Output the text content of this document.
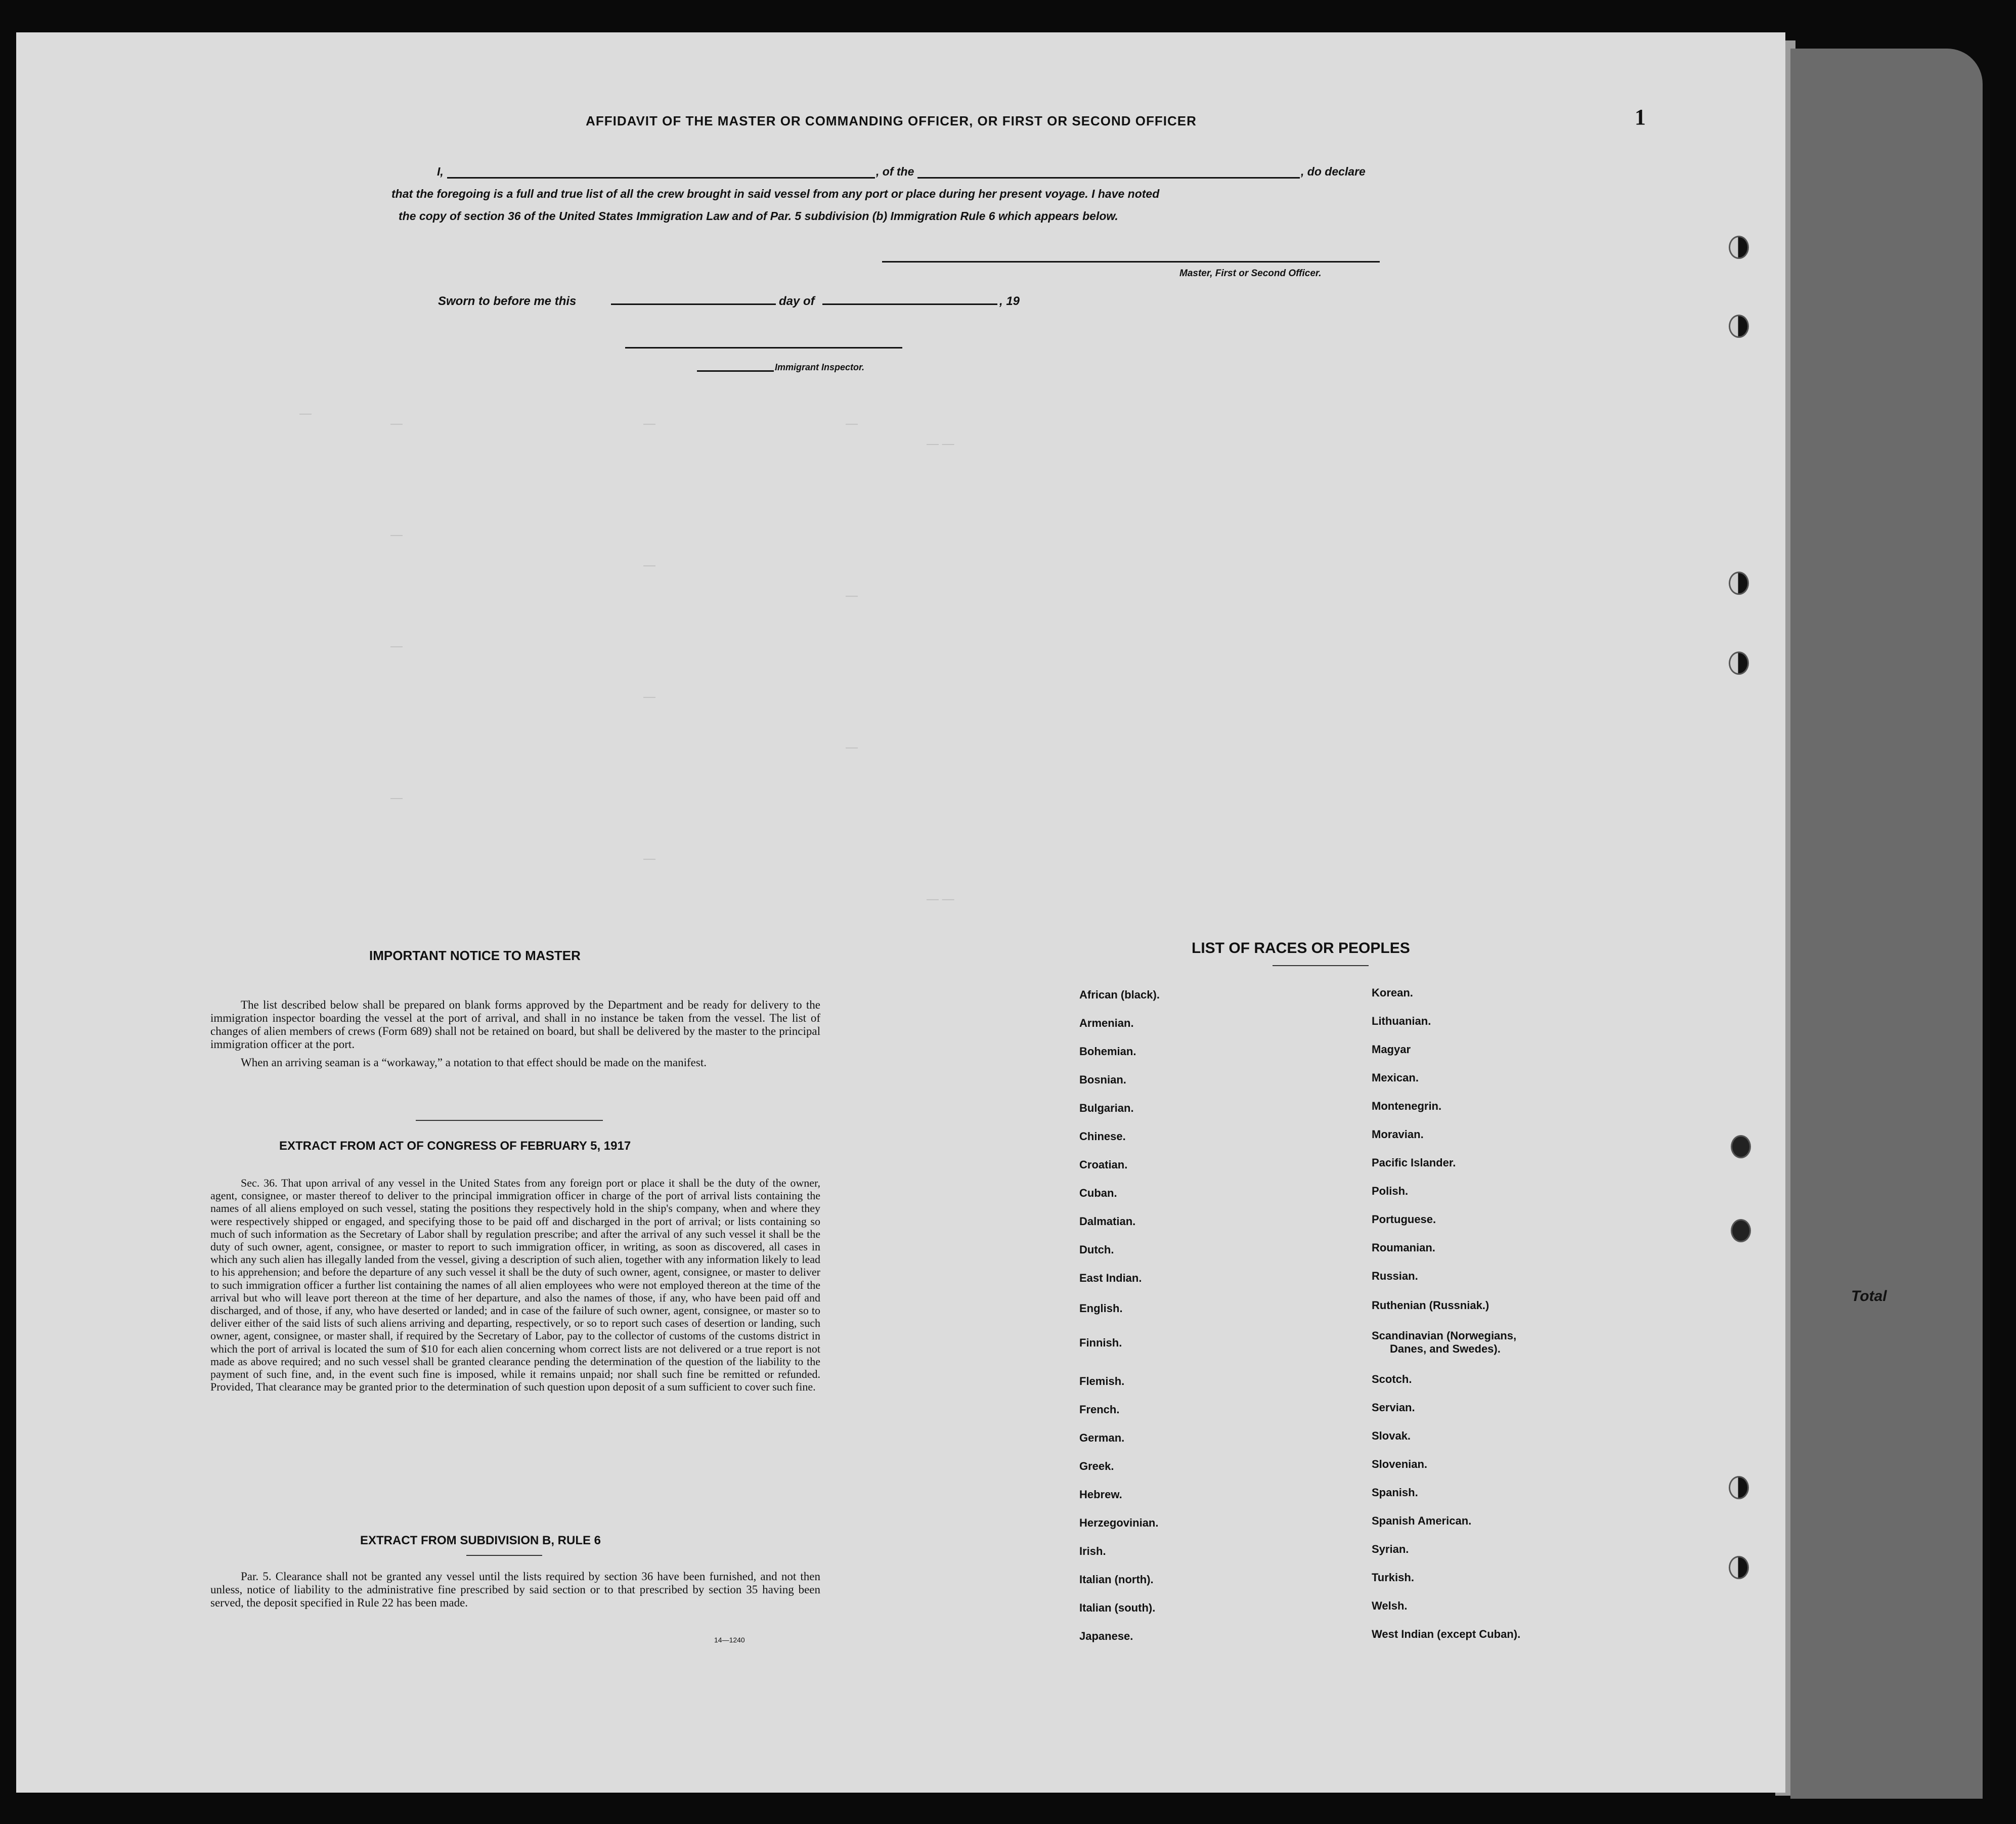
Total
—
—	—	—
— —
—
—
—
—
—
—
—
—
— —
1
AFFIDAVIT OF THE MASTER OR COMMANDING OFFICER, OR FIRST OR SECOND OFFICER
I,	, of the	, do declare
that the foregoing is a full and true list of all the crew brought in said vessel from any port or place during her present voyage. I have noted
the copy of section 36 of the United States Immigration Law and of Par. 5 subdivision (b) Immigration Rule 6 which appears below.
Master, First or Second Officer.
Sworn to before me this	day of	, 19
Immigrant Inspector.
IMPORTANT NOTICE TO MASTER

The list described below shall be prepared on blank forms approved by the Department and be ready for delivery to the immigration inspector boarding the vessel at the port of arrival, and shall in no instance be taken from the vessel. The list of changes of alien members of crews (Form 689) shall not be retained on board, but shall be delivered by the master to the principal immigration officer at the port.

When an arriving seaman is a “workaway,” a notation to that effect should be made on the manifest.

EXTRACT FROM ACT OF CONGRESS OF FEBRUARY 5, 1917

Sec. 36. That upon arrival of any vessel in the United States from any foreign port or place it shall be the duty of the owner, agent, consignee, or master thereof to deliver to the principal immigration officer in charge of the port of arrival lists containing the names of all aliens employed on such vessel, stating the positions they respectively hold in the ship's company, when and where they were respectively shipped or engaged, and specifying those to be paid off and discharged in the port of arrival; or lists containing so much of such information as the Secretary of Labor shall by regulation prescribe; and after the arrival of any such vessel it shall be the duty of such owner, agent, consignee, or master to report to such immigration officer, in writing, as soon as discovered, all cases in which any such alien has illegally landed from the vessel, giving a description of such alien, together with any information likely to lead to his apprehension; and before the departure of any such vessel it shall be the duty of such owner, agent, consignee, or master to deliver to such immigration officer a further list containing the names of all alien employees who were not employed thereon at the time of the arrival but who will leave port thereon at the time of her departure, and also the names of those, if any, who have been paid off and discharged, and of those, if any, who have deserted or landed; and in case of the failure of such owner, agent, consignee, or master so to deliver either of the said lists of such aliens arriving and departing, respectively, or so to report such cases of desertion or landing, such owner, agent, consignee, or master shall, if required by the Secretary of Labor, pay to the collector of customs of the customs district in which the port of arrival is located the sum of $10 for each alien concerning whom correct lists are not delivered or a true report is not made as above required; and no such vessel shall be granted clearance pending the determination of the question of the liability to the payment of such fine, and, in the event such fine is imposed, while it remains unpaid; nor shall such fine be remitted or refunded. Provided, That clearance may be granted prior to the determination of such question upon deposit of a sum sufficient to cover such fine.

EXTRACT FROM SUBDIVISION B, RULE 6

Par. 5. Clearance shall not be granted any vessel until the lists required by section 36 have been furnished, and not then unless, notice of liability to the administrative fine prescribed by said section or to that prescribed by section 35 having been served, the deposit specified in Rule 22 has been made.

14—1240
LIST OF RACES OR PEOPLES
African (black).
Armenian.
Bohemian.
Bosnian.
Bulgarian.
Chinese.
Croatian.
Cuban.
Dalmatian.
Dutch.
East Indian.
English.
Finnish.
Flemish.
French.
German.
Greek.
Hebrew.
Herzegovinian.
Irish.
Italian (north).
Italian (south).
Japanese.
Korean.
Lithuanian.
Magyar
Mexican.
Montenegrin.
Moravian.
Pacific Islander.
Polish.
Portuguese.
Roumanian.
Russian.
Ruthenian (Russniak.)
Scandinavian (Norwegians,
Danes, and Swedes).
Scotch.
Servian.
Slovak.
Slovenian.
Spanish.
Spanish American.
Syrian.
Turkish.
Welsh.
West Indian (except Cuban).
